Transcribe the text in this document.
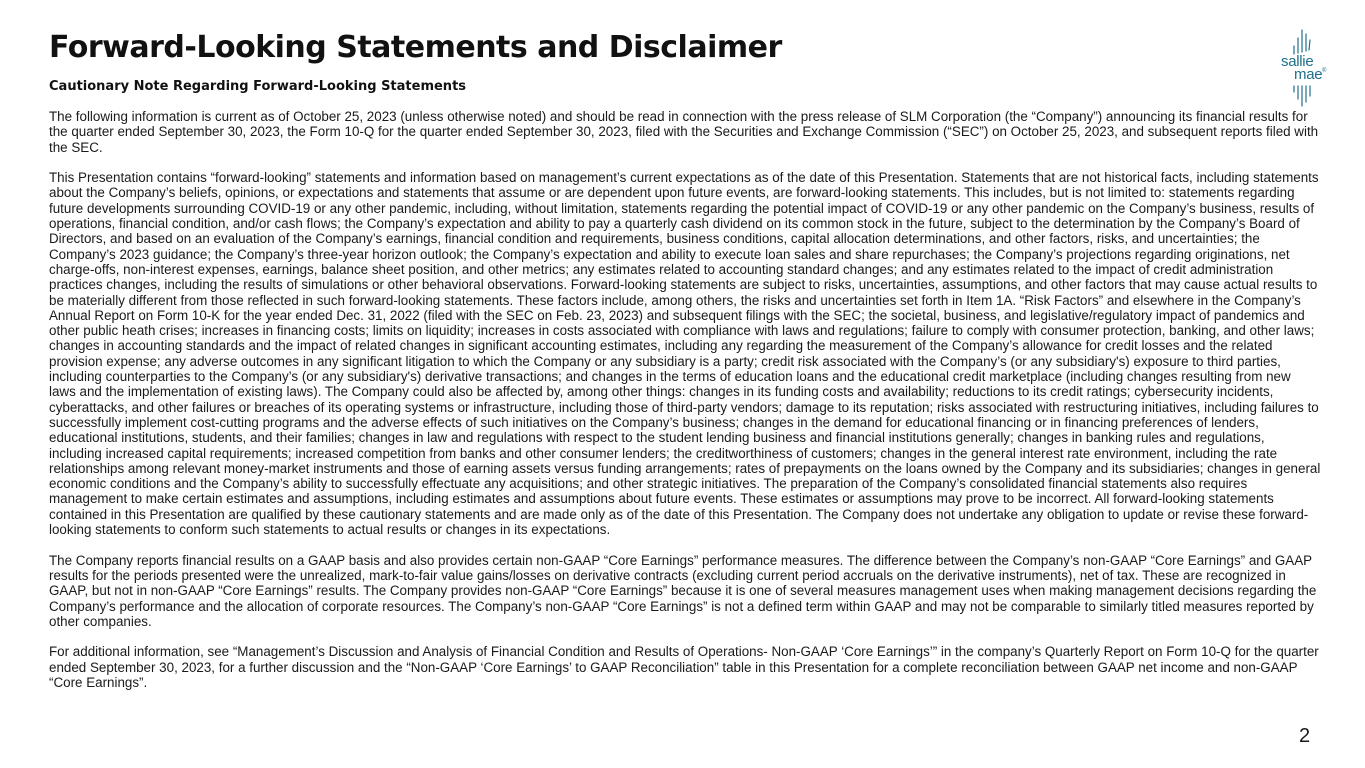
Forward-Looking Statements and Disclaimer
Cautionary Note Regarding Forward-Looking Statements
sallie
mae ®

The following information is current as of October 25, 2023 (unless otherwise noted) and should be read in connection with the press release of SLM Corporation (the “Company”) announcing its financial results for the quarter ended September 30, 2023, the Form 10-Q for the quarter ended September 30, 2023, filed with the Securities and Exchange Commission (“SEC”) on October 25, 2023, and subsequent reports filed with the SEC.

This Presentation contains “forward-looking” statements and information based on management’s current expectations as of the date of this Presentation. Statements that are not historical facts, including statements about the Company’s beliefs, opinions, or expectations and statements that assume or are dependent upon future events, are forward-looking statements. This includes, but is not limited to: statements regarding future developments surrounding COVID-19 or any other pandemic, including, without limitation, statements regarding the potential impact of COVID-19 or any other pandemic on the Company’s business, results of operations, financial condition, and/or cash flows; the Company’s expectation and ability to pay a quarterly cash dividend on its common stock in the future, subject to the determination by the Company’s Board of Directors, and based on an evaluation of the Company’s earnings, financial condition and requirements, business conditions, capital allocation determinations, and other factors, risks, and uncertainties; the Company’s 2023 guidance; the Company’s three-year horizon outlook; the Company’s expectation and ability to execute loan sales and share repurchases; the Company’s projections regarding originations, net charge-offs, non-interest expenses, earnings, balance sheet position, and other metrics; any estimates related to accounting standard changes; and any estimates related to the impact of credit administration practices changes, including the results of simulations or other behavioral observations. Forward-looking statements are subject to risks, uncertainties, assumptions, and other factors that may cause actual results to be materially different from those reflected in such forward-looking statements. These factors include, among others, the risks and uncertainties set forth in Item 1A. “Risk Factors” and elsewhere in the Company’s Annual Report on Form 10-K for the year ended Dec. 31, 2022 (filed with the SEC on Feb. 23, 2023) and subsequent filings with the SEC; the societal, business, and legislative/regulatory impact of pandemics and other public heath crises; increases in financing costs; limits on liquidity; increases in costs associated with compliance with laws and regulations; failure to comply with consumer protection, banking, and other laws; changes in accounting standards and the impact of related changes in significant accounting estimates, including any regarding the measurement of the Company’s allowance for credit losses and the related provision expense; any adverse outcomes in any significant litigation to which the Company or any subsidiary is a party; credit risk associated with the Company’s (or any subsidiary's) exposure to third parties, including counterparties to the Company’s (or any subsidiary's) derivative transactions; and changes in the terms of education loans and the educational credit marketplace (including changes resulting from new laws and the implementation of existing laws). The Company could also be affected by, among other things: changes in its funding costs and availability; reductions to its credit ratings; cybersecurity incidents, cyberattacks, and other failures or breaches of its operating systems or infrastructure, including those of third-party vendors; damage to its reputation; risks associated with restructuring initiatives, including failures to successfully implement cost-cutting programs and the adverse effects of such initiatives on the Company’s business; changes in the demand for educational financing or in financing preferences of lenders, educational institutions, students, and their families; changes in law and regulations with respect to the student lending business and financial institutions generally; changes in banking rules and regulations, including increased capital requirements; increased competition from banks and other consumer lenders; the creditworthiness of customers; changes in the general interest rate environment, including the rate relationships among relevant money-market instruments and those of earning assets versus funding arrangements; rates of prepayments on the loans owned by the Company and its subsidiaries; changes in general economic conditions and the Company’s ability to successfully effectuate any acquisitions; and other strategic initiatives. The preparation of the Company’s consolidated financial statements also requires management to make certain estimates and assumptions, including estimates and assumptions about future events. These estimates or assumptions may prove to be incorrect. All forward-looking statements contained in this Presentation are qualified by these cautionary statements and are made only as of the date of this Presentation. The Company does not undertake any obligation to update or revise these forward-looking statements to conform such statements to actual results or changes in its expectations.

The Company reports financial results on a GAAP basis and also provides certain non-GAAP “Core Earnings” performance measures. The difference between the Company’s non-GAAP “Core Earnings” and GAAP results for the periods presented were the unrealized, mark-to-fair value gains/losses on derivative contracts (excluding current period accruals on the derivative instruments), net of tax. These are recognized in GAAP, but not in non-GAAP “Core Earnings” results. The Company provides non-GAAP “Core Earnings” because it is one of several measures management uses when making management decisions regarding the Company’s performance and the allocation of corporate resources. The Company’s non-GAAP “Core Earnings” is not a defined term within GAAP and may not be comparable to similarly titled measures reported by other companies.

For additional information, see “Management’s Discussion and Analysis of Financial Condition and Results of Operations- Non-GAAP ‘Core Earnings’” in the company’s Quarterly Report on Form 10-Q for the quarter ended September 30, 2023, for a further discussion and the “Non-GAAP ‘Core Earnings’ to GAAP Reconciliation” table in this Presentation for a complete reconciliation between GAAP net income and non-GAAP “Core Earnings”.

2
